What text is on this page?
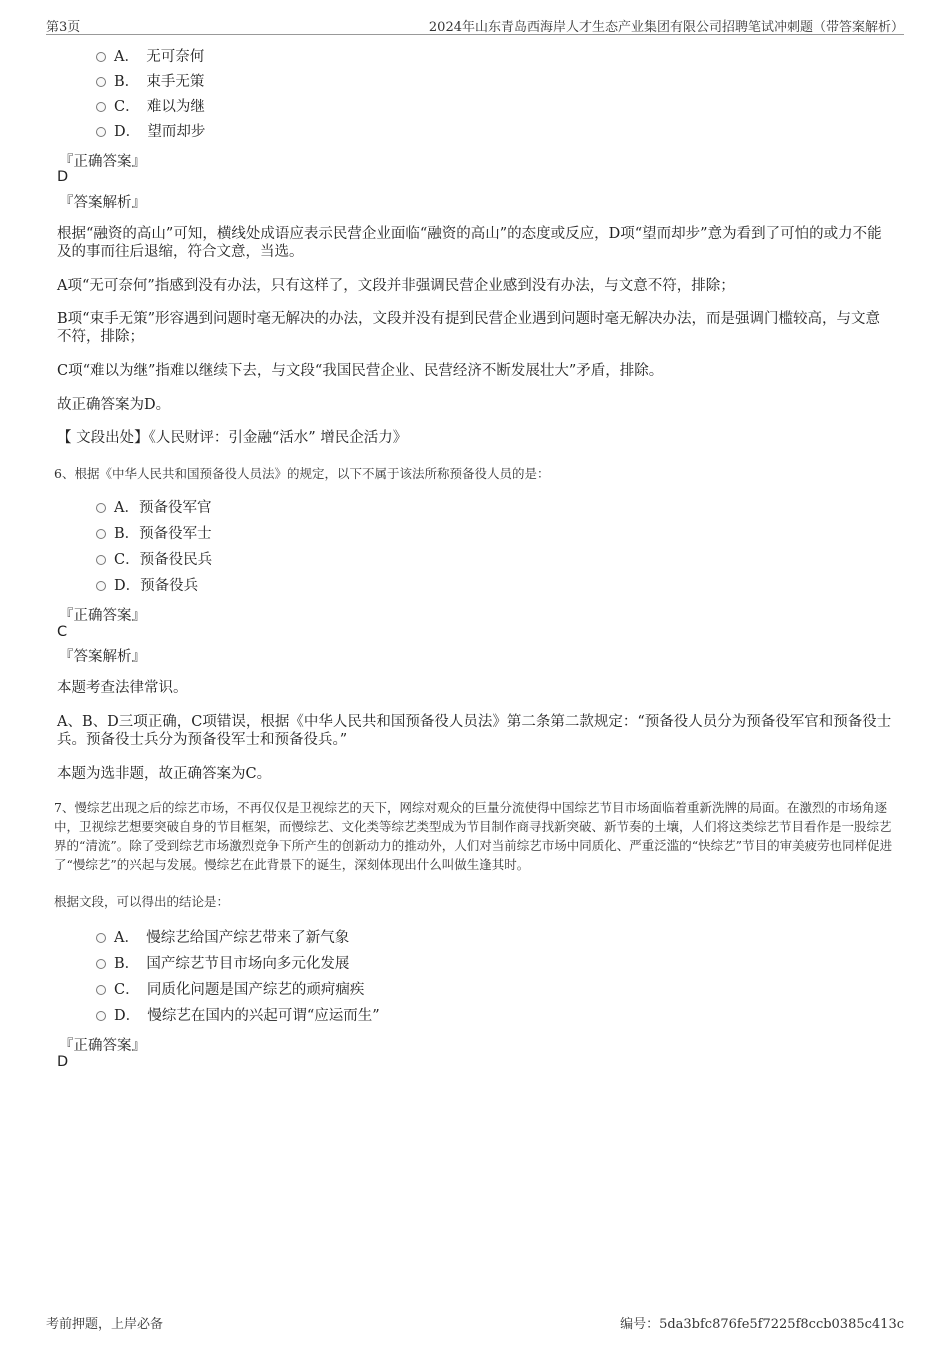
第3页	2024年山东青岛西海岸人才生态产业集团有限公司招聘笔试冲刺题（带答案解析）
A．　无可奈何
B．　束手无策
C．　难以为继
D．　望而却步
『正确答案』
D
『答案解析』
根据“融资的高山”可知，横线处成语应表示民营企业面临“融资的高山”的态度或反应，D项“望而却步”意为看到了可怕的或力不能及的事而往后退缩，符合文意，当选。
A项“无可奈何”指感到没有办法，只有这样了，文段并非强调民营企业感到没有办法，与文意不符，排除；
B项“束手无策”形容遇到问题时毫无解决的办法，文段并没有提到民营企业遇到问题时毫无解决办法，而是强调门槛较高，与文意不符，排除；
C项“难以为继”指难以继续下去，与文段“我国民营企业、民营经济不断发展壮大”矛盾，排除。
故正确答案为D。
【 文段出处】《人民财评：引金融“活水” 增民企活力》
6、根据《中华人民共和国预备役人员法》的规定，以下不属于该法所称预备役人员的是：
A．预备役军官
B．预备役军士
C．预备役民兵
D．预备役兵
『正确答案』
C
『答案解析』
本题考查法律常识。
A、B、D三项正确，C项错误，根据《中华人民共和国预备役人员法》第二条第二款规定：“预备役人员分为预备役军官和预备役士兵。预备役士兵分为预备役军士和预备役兵。”
本题为选非题，故正确答案为C。
7、慢综艺出现之后的综艺市场，不再仅仅是卫视综艺的天下，网综对观众的巨量分流使得中国综艺节目市场面临着重新洗牌的局面。在激烈的市场角逐中，卫视综艺想要突破自身的节目框架，而慢综艺、文化类等综艺类型成为节目制作商寻找新突破、新节奏的土壤，人们将这类综艺节目看作是一股综艺界的“清流”。除了受到综艺市场激烈竞争下所产生的创新动力的推动外，人们对当前综艺市场中同质化、严重泛滥的“快综艺”节目的审美疲劳也同样促进了“慢综艺”的兴起与发展。慢综艺在此背景下的诞生，深刻体现出什么叫做生逢其时。
根据文段，可以得出的结论是：
A．　慢综艺给国产综艺带来了新气象
B．　国产综艺节目市场向多元化发展
C．　同质化问题是国产综艺的顽疴痼疾
D．　慢综艺在国内的兴起可谓“应运而生”
『正确答案』
D
考前押题，上岸必备	编号：5da3bfc876fe5f7225f8ccb0385c413c
